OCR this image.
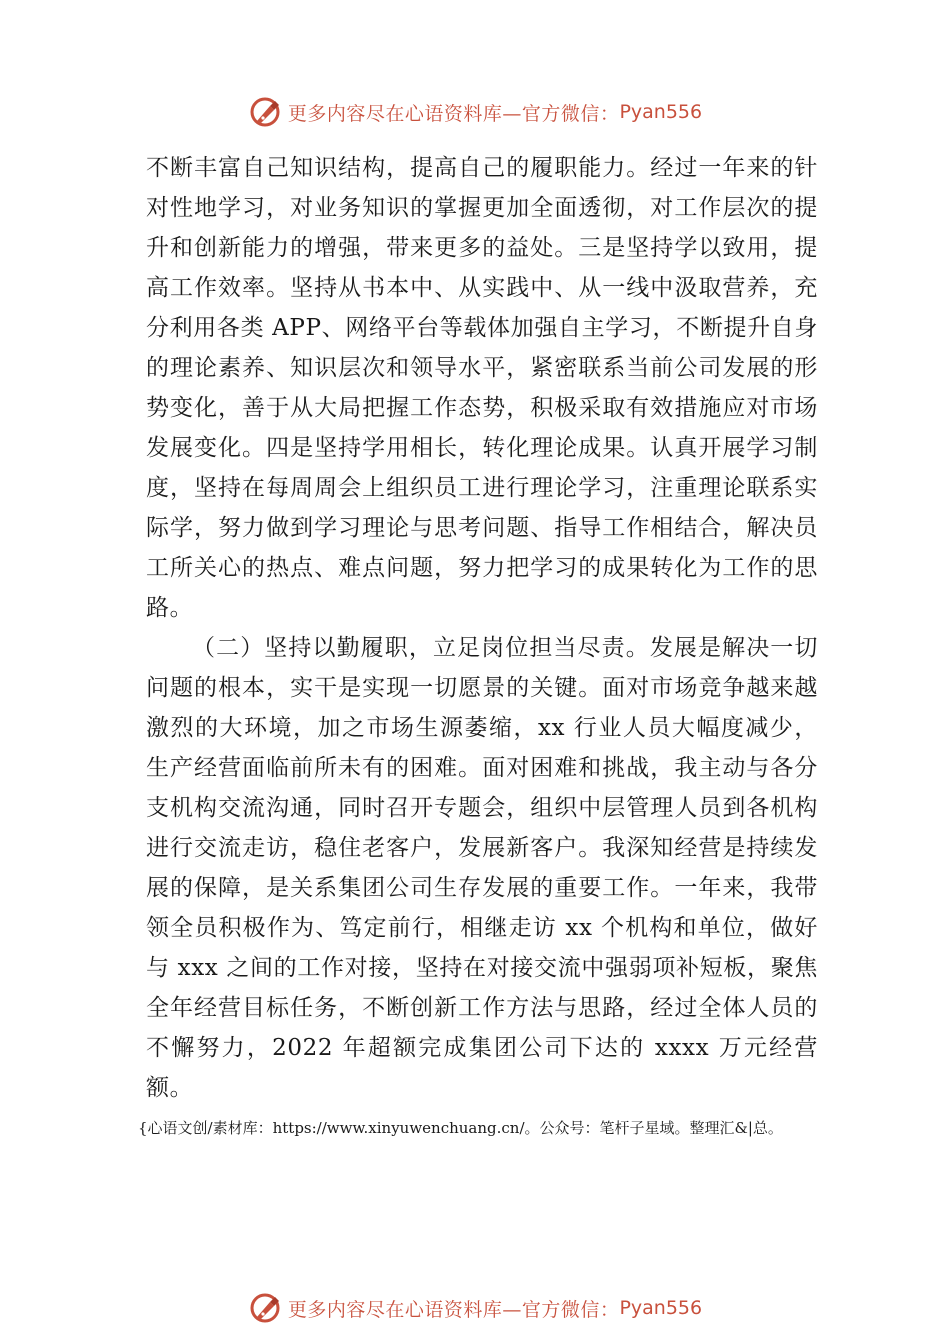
更多内容尽在心语资料库— 官方微信： Pyan556

不断丰富自己知识结构，提高自己的履职能力。经过一年来的针对性地学习，对业务知识的掌握更加全面透彻，对工作层次的提升和创新能力的增强，带来更多的益处。三是坚持学以致用，提高工作效率。坚持从书本中、从实践中、从一线中汲取营养，充分利用各类 APP、网络平台等载体加强自主学习，不断提升自身的理论素养、知识层次和领导水平，紧密联系当前公司发展的形势变化，善于从大局把握工作态势，积极采取有效措施应对市场发展变化。四是坚持学用相长，转化理论成果。认真开展学习制度，坚持在每周周会上组织员工进行理论学习，注重理论联系实际学，努力做到学习理论与思考问题、指导工作相结合，解决员工所关心的热点、难点问题，努力把学习的成果转化为工作的思路。

（二）坚持以勤履职，立足岗位担当尽责。发展是解决一切问题的根本，实干是实现一切愿景的关键。面对市场竞争越来越激烈的大环境，加之市场生源萎缩，xx 行业人员大幅度减少，生产经营面临前所未有的困难。面对困难和挑战，我主动与各分支机构交流沟通，同时召开专题会，组织中层管理人员到各机构进行交流走访，稳住老客户，发展新客户。我深知经营是持续发展的保障，是关系集团公司生存发展的重要工作。一年来，我带领全员积极作为、笃定前行，相继走访 xx 个机构和单位，做好与 xxx 之间的工作对接，坚持在对接交流中强弱项补短板，聚焦全年经营目标任务，不断创新工作方法与思路，经过全体人员的不懈努力，2022 年超额完成集团公司下达的 xxxx 万元经营额。

{心语文创/素材库：https://www.xinyuwenchuang.cn/。公众号：笔杆子星域。整理汇&|总。
更多内容尽在心语资料库— 官方微信： Pyan556
